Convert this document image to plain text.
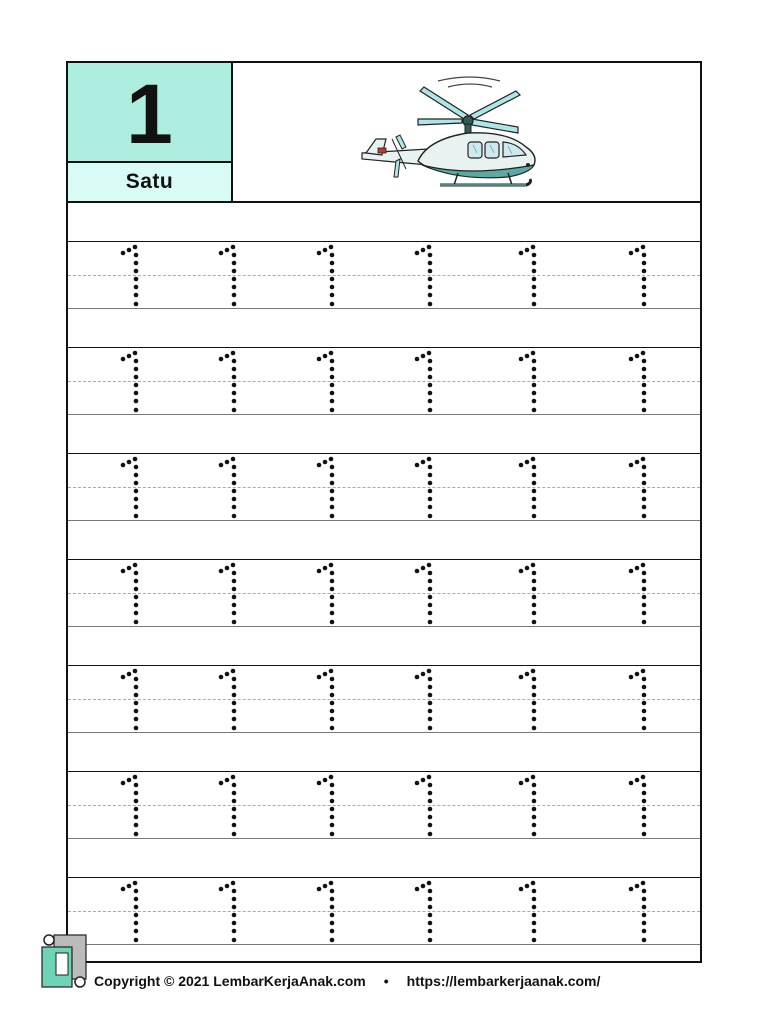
1
Satu
Copyright © 2021 LembarKerjaAnak.com • https://lembarkerjaanak.com/
